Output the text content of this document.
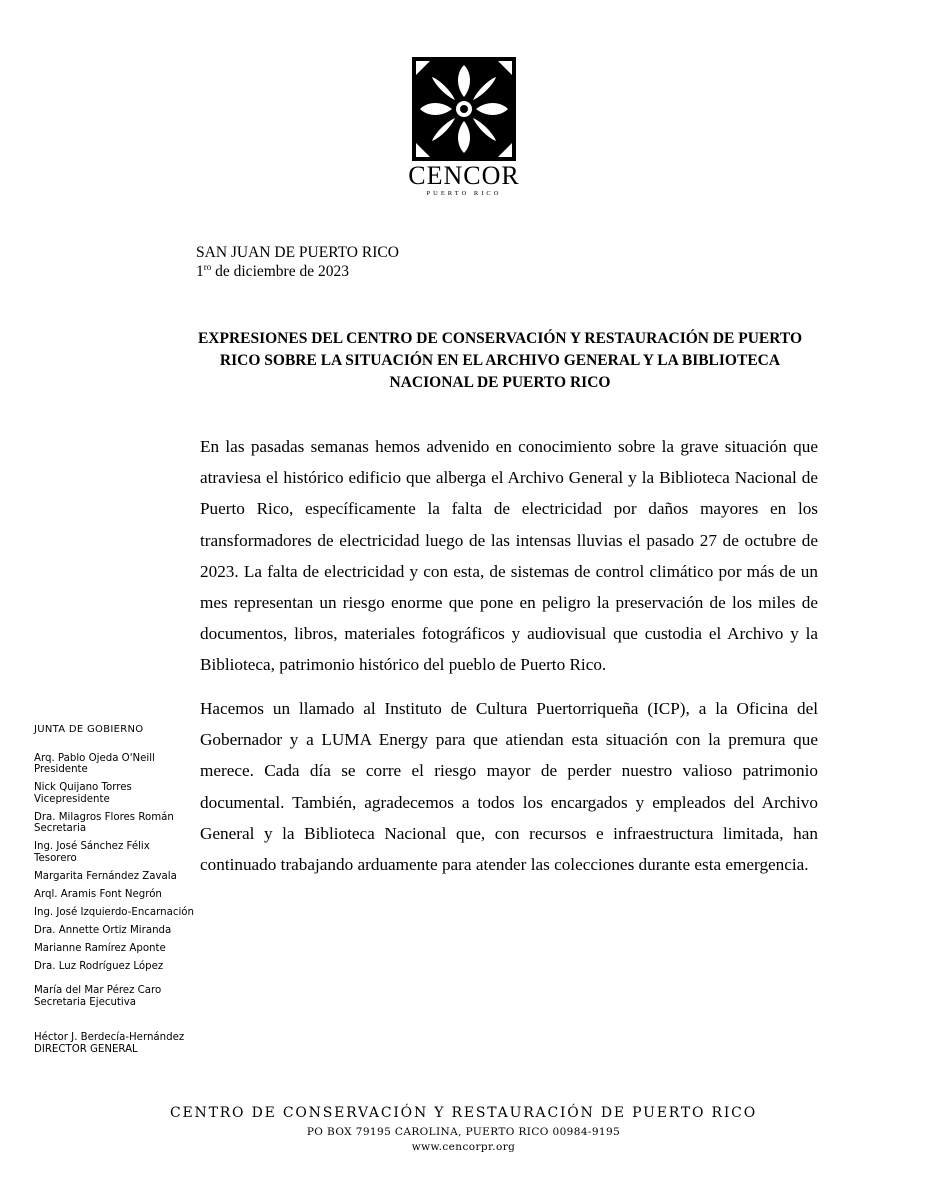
CENCOR
PUERTO RICO
SAN JUAN DE PUERTO RICO
$1^{ro}$ de diciembre de 2023
EXPRESIONES DEL CENTRO DE CONSERVACIÓN Y RESTAURACIÓN DE PUERTO RICO SOBRE LA SITUACIÓN EN EL ARCHIVO GENERAL Y LA BIBLIOTECA NACIONAL DE PUERTO RICO

En las pasadas semanas hemos advenido en conocimiento sobre la grave situación que atraviesa el histórico edificio que alberga el Archivo General y la Biblioteca Nacional de Puerto Rico, específicamente la falta de electricidad por daños mayores en los transformadores de electricidad luego de las intensas lluvias el pasado 27 de octubre de 2023. La falta de electricidad y con esta, de sistemas de control climático por más de un mes representan un riesgo enorme que pone en peligro la preservación de los miles de documentos, libros, materiales fotográficos y audiovisual que custodia el Archivo y la Biblioteca, patrimonio histórico del pueblo de Puerto Rico.

Hacemos un llamado al Instituto de Cultura Puertorriqueña (ICP), a la Oficina del Gobernador y a LUMA Energy para que atiendan esta situación con la premura que merece. Cada día se corre el riesgo mayor de perder nuestro valioso patrimonio documental. También, agradecemos a todos los encargados y empleados del Archivo General y la Biblioteca Nacional que, con recursos e infraestructura limitada, han continuado trabajando arduamente para atender las colecciones durante esta emergencia.

JUNTA DE GOBIERNO
Arq. Pablo Ojeda O'Neill
Presidente
Nick Quijano Torres
Vicepresidente
Dra. Milagros Flores Román
Secretaria
Ing. José Sánchez Félix
Tesorero
Margarita Fernández Zavala
Arql. Aramis Font Negrón
Ing. José Izquierdo-Encarnación
Dra. Annette Ortiz Miranda
Marianne Ramírez Aponte
Dra. Luz Rodríguez López
María del Mar Pérez Caro
Secretaria Ejecutiva
Héctor J. Berdecía-Hernández
DIRECTOR GENERAL
CENTRO DE CONSERVACIÓN Y RESTAURACIÓN DE PUERTO RICO
PO BOX 79195 CAROLINA, PUERTO RICO 00984-9195
www.cencorpr.org
